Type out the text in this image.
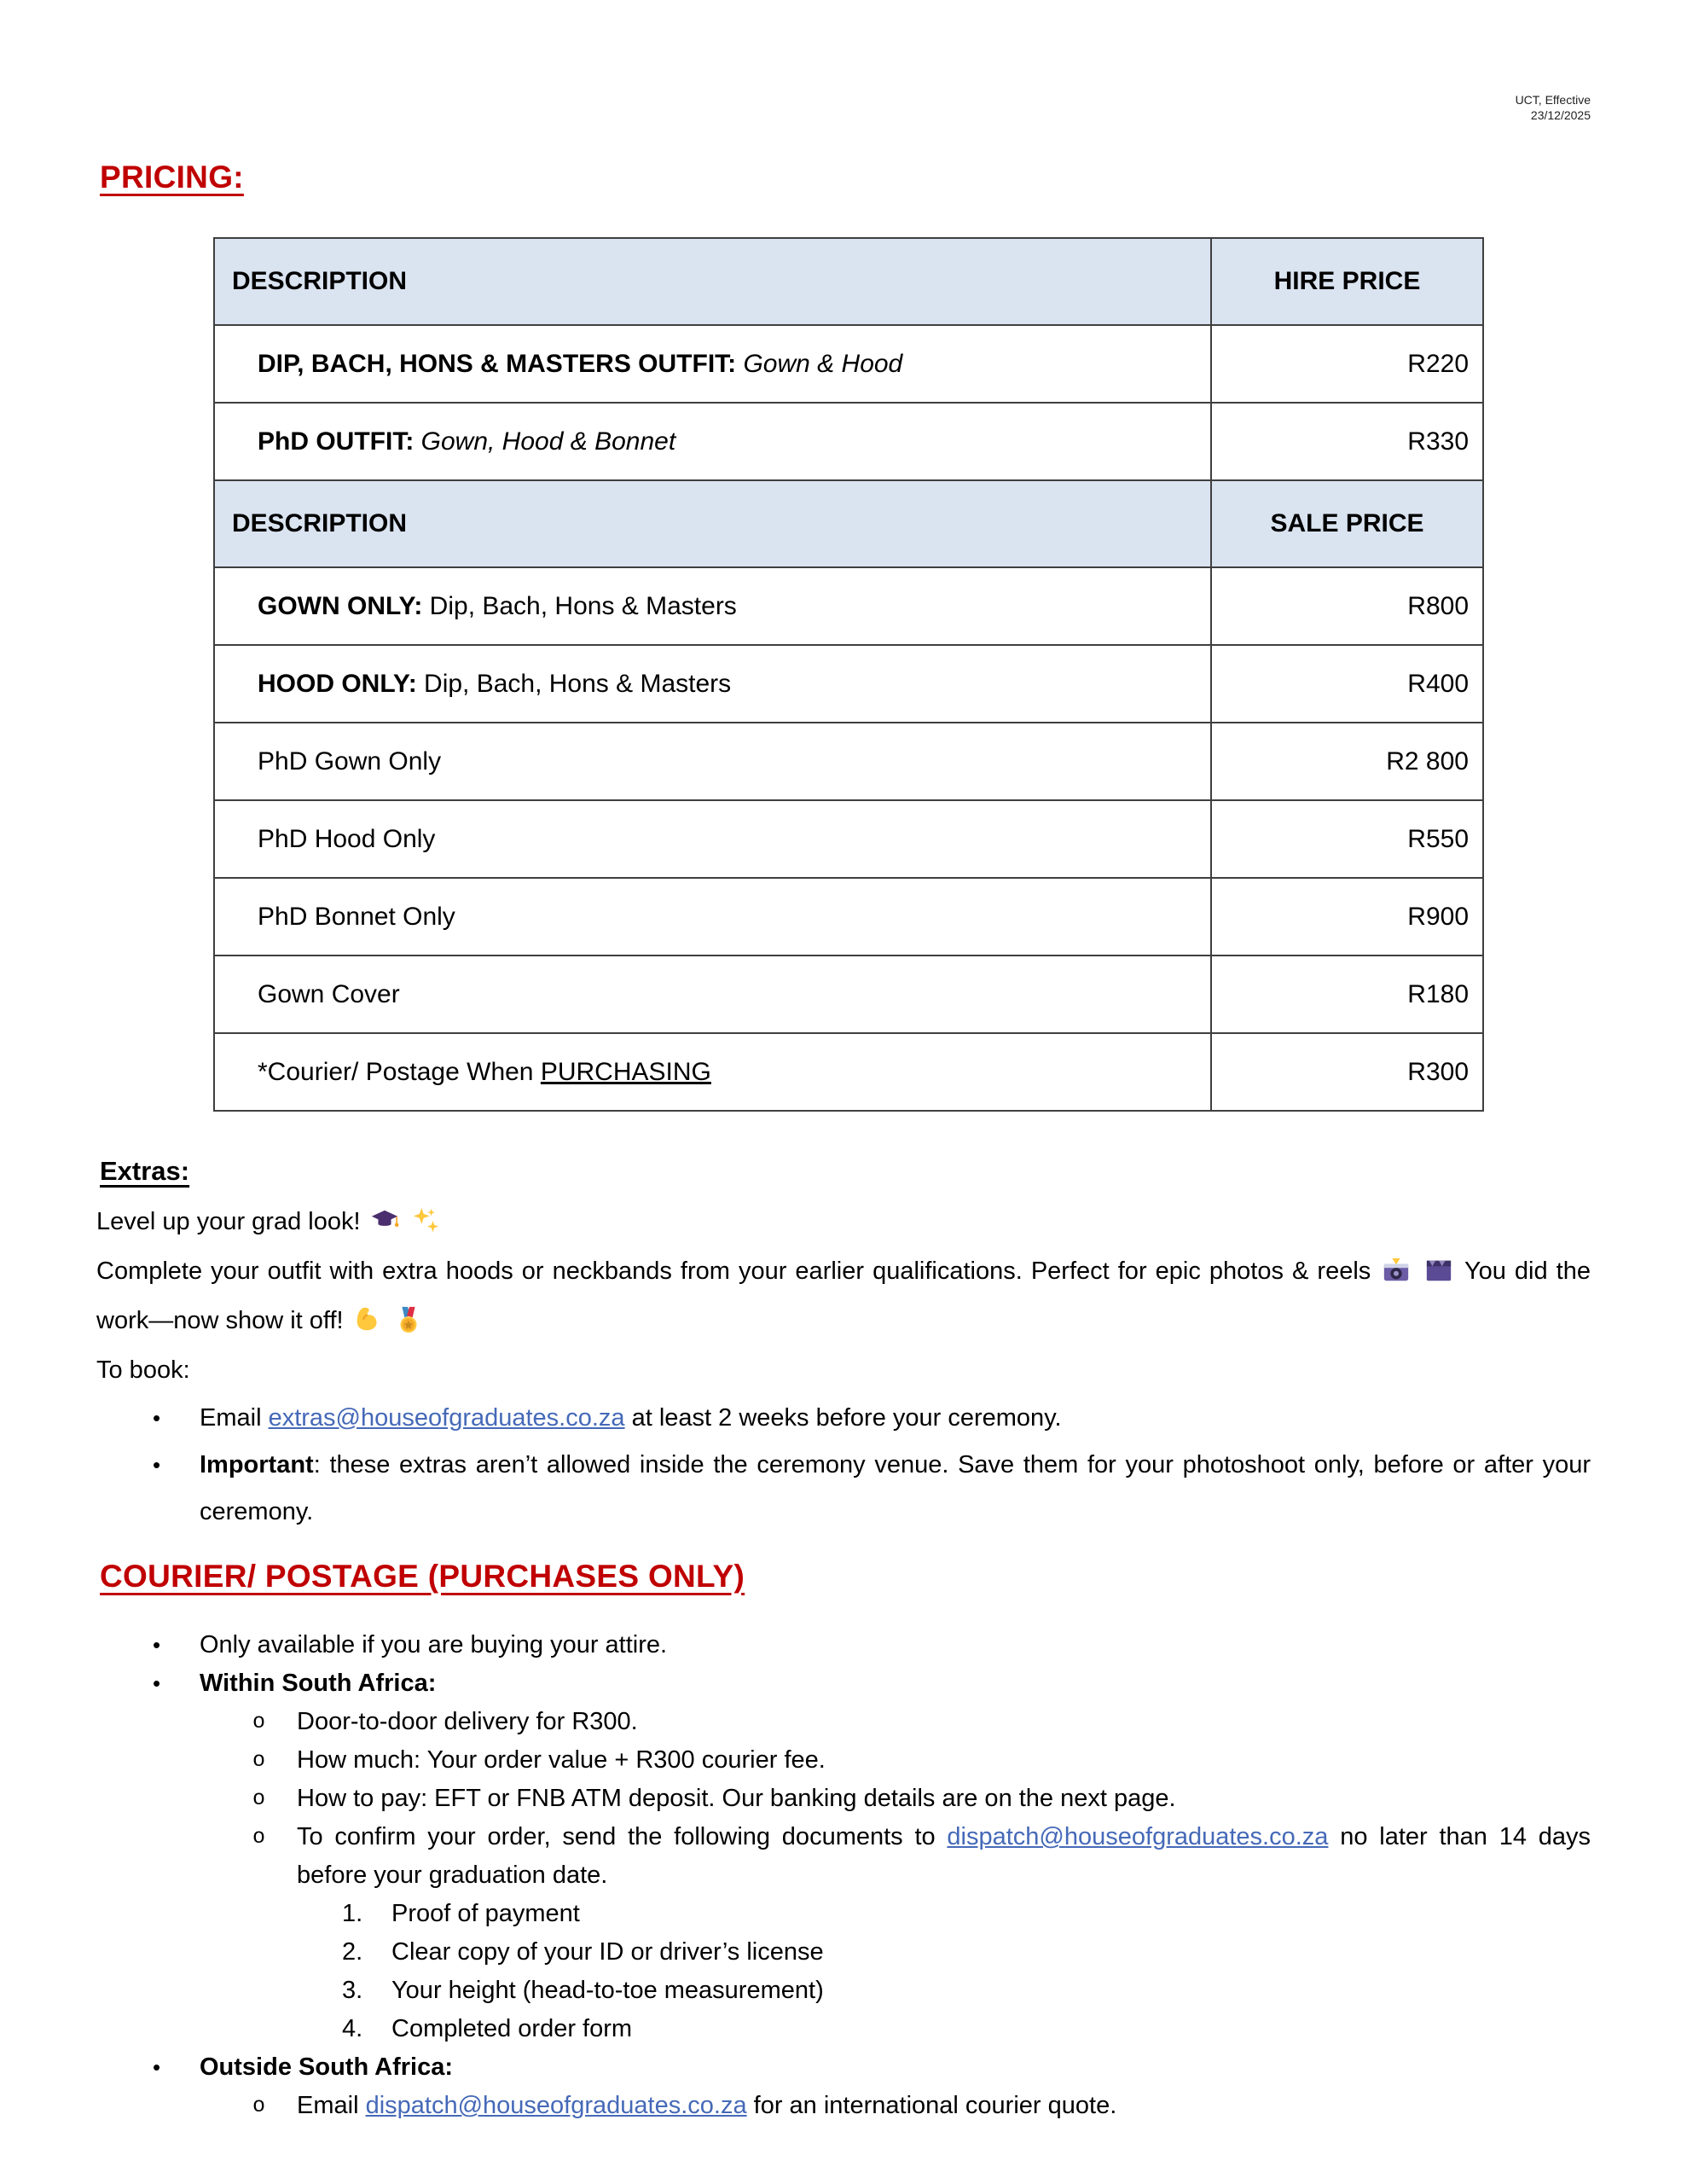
UCT, Effective
23/12/2025
PRICING:
DESCRIPTION	HIRE PRICE
DIP, BACH, HONS & MASTERS OUTFIT: Gown & Hood	R220
PhD OUTFIT: Gown, Hood & Bonnet	R330
DESCRIPTION	SALE PRICE
GOWN ONLY: Dip, Bach, Hons & Masters	R800
HOOD ONLY: Dip, Bach, Hons & Masters	R400
PhD Gown Only	R2 800
PhD Hood Only	R550
PhD Bonnet Only	R900
Gown Cover	R180
*Courier/ Postage When PURCHASING	R300
Extras:

Level up your grad look!

Complete your outfit with extra hoods or neckbands from your earlier qualifications. Perfect for epic photos & reels	You did the work—now show it off!

To book:

•	Email extras@houseofgraduates.co.za at least 2 weeks before your ceremony.
•	Important: these extras aren’t allowed inside the ceremony venue. Save them for your photoshoot only, before or after your ceremony.
COURIER/ POSTAGE (PURCHASES ONLY)
•	Only available if you are buying your attire.
•	Within South Africa:
o	Door-to-door delivery for R300.
o	How much: Your order value + R300 courier fee.
o	How to pay: EFT or FNB ATM deposit. Our banking details are on the next page.
o	To confirm your order, send the following documents to dispatch@houseofgraduates.co.za no later than 14 days before your graduation date.
1.	Proof of payment
2.	Clear copy of your ID or driver’s license
3.	Your height (head-to-toe measurement)
4.	Completed order form
•	Outside South Africa:
o	Email dispatch@houseofgraduates.co.za for an international courier quote.
